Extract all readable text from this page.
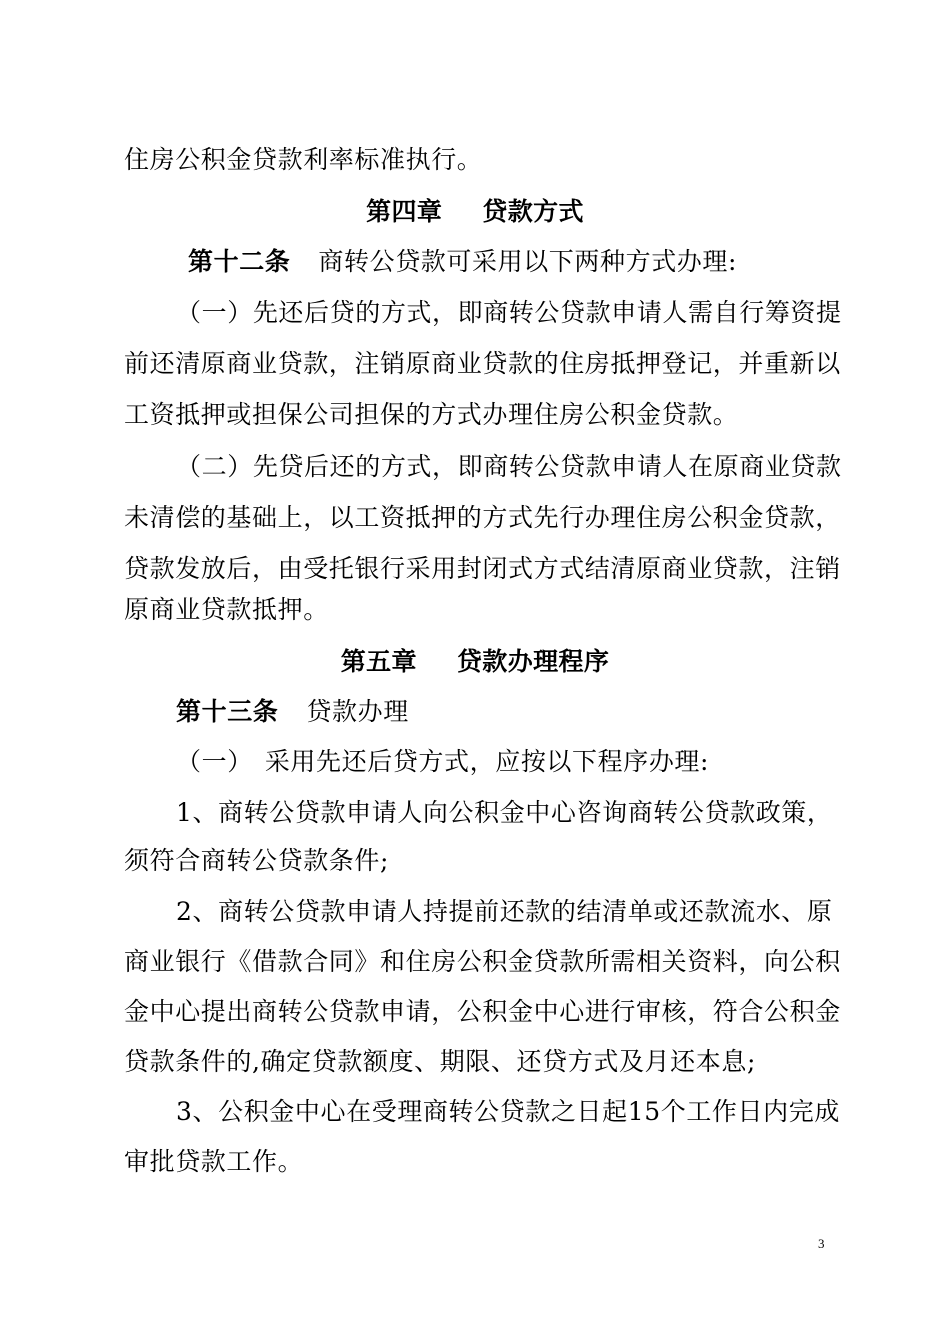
住房公积金贷款利率标准执行。
第四章 贷款方式
第十二条 商转公贷款可采用以下两种方式办理:
（一）先还后贷的方式，即商转公贷款申请人需自行筹资提
前还清原商业贷款，注销原商业贷款的住房抵押登记，并重新以
工资抵押或担保公司担保的方式办理住房公积金贷款。
（二）先贷后还的方式，即商转公贷款申请人在原商业贷款
未清偿的基础上，以工资抵押的方式先行办理住房公积金贷款，
贷款发放后，由受托银行采用封闭式方式结清原商业贷款，注销
原商业贷款抵押。
第五章 贷款办理程序
第十三条 贷款办理
（一） 采用先还后贷方式，应按以下程序办理:
1、商转公贷款申请人向公积金中心咨询商转公贷款政策，
须符合商转公贷款条件;
2、商转公贷款申请人持提前还款的结清单或还款流水、原
商业银行《借款合同》和住房公积金贷款所需相关资料，向公积
金中心提出商转公贷款申请，公积金中心进行审核，符合公积金
贷款条件的,确定贷款额度、期限、还贷方式及月还本息;
3、公积金中心在受理商转公贷款之日起15个工作日内完成
审批贷款工作。
3
